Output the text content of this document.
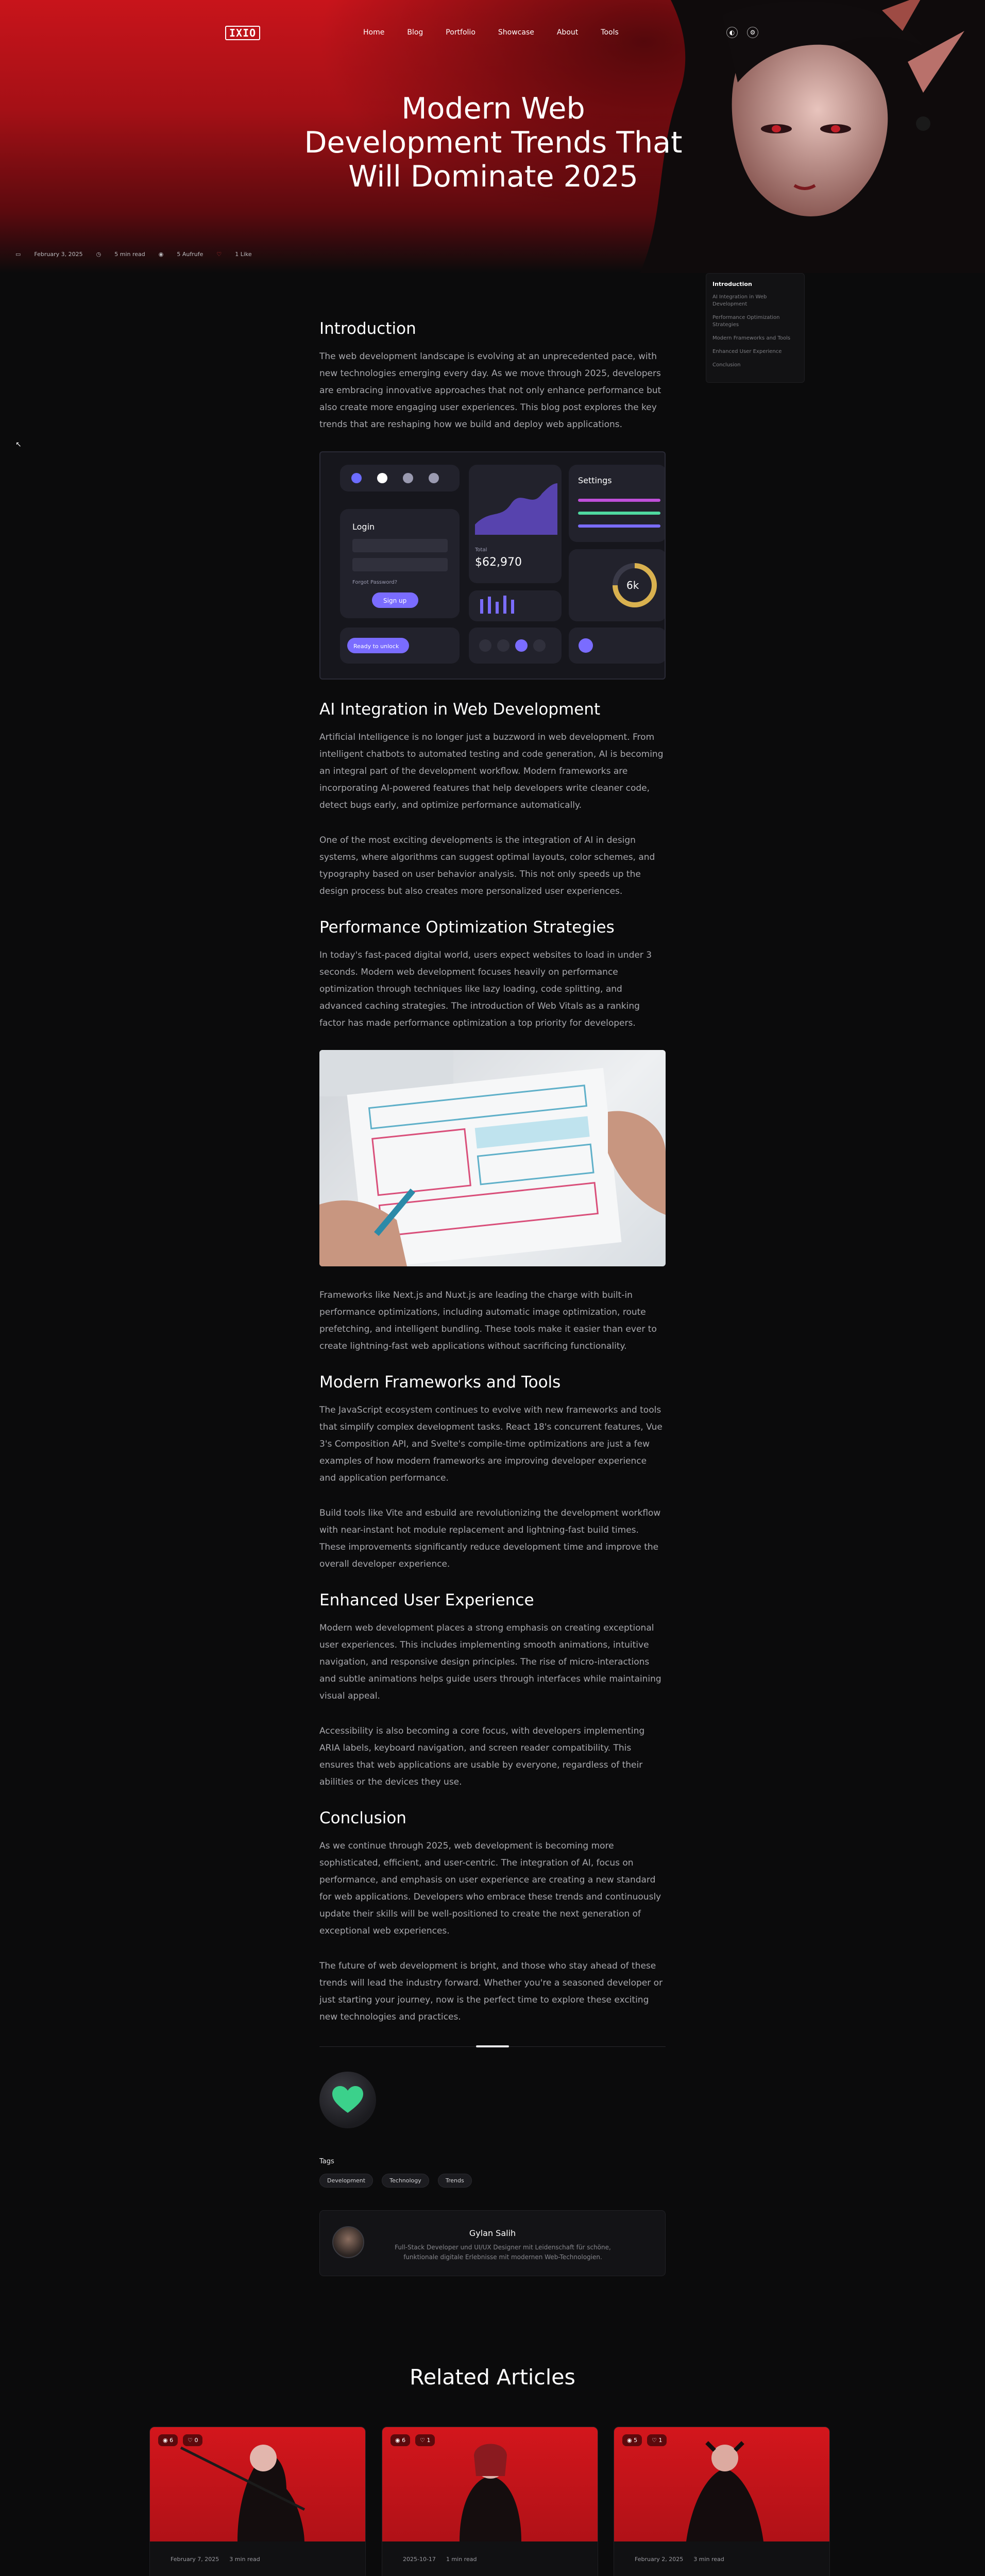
IXIO	Home	Blog	Portfolio	Showcase	About	Tools	◐	⚙
Modern Web Development Trends That Will Dominate 2025
▭ February 3, 2025 ◷ 5 min read ◉ 5 Aufrufe ♡ 1 Like
↖
Introduction
AI Integration in Web Development
Performance Optimization Strategies
Modern Frameworks and Tools
Enhanced User Experience
Conclusion
Introduction

The web development landscape is evolving at an unprecedented pace, with new technologies emerging every day. As we move through 2025, developers are embracing innovative approaches that not only enhance performance but also create more engaging user experiences. This blog post explores the key trends that are reshaping how we build and deploy web applications.

Login
Forgot Password?
Sign up
Total
$62,970
Settings
6k
Ready to unlock
AI Integration in Web Development

Artificial Intelligence is no longer just a buzzword in web development. From intelligent chatbots to automated testing and code generation, AI is becoming an integral part of the development workflow. Modern frameworks are incorporating AI-powered features that help developers write cleaner code, detect bugs early, and optimize performance automatically.

One of the most exciting developments is the integration of AI in design systems, where algorithms can suggest optimal layouts, color schemes, and typography based on user behavior analysis. This not only speeds up the design process but also creates more personalized user experiences.

Performance Optimization Strategies

In today's fast-paced digital world, users expect websites to load in under 3 seconds. Modern web development focuses heavily on performance optimization through techniques like lazy loading, code splitting, and advanced caching strategies. The introduction of Web Vitals as a ranking factor has made performance optimization a top priority for developers.

Frameworks like Next.js and Nuxt.js are leading the charge with built-in performance optimizations, including automatic image optimization, route prefetching, and intelligent bundling. These tools make it easier than ever to create lightning-fast web applications without sacrificing functionality.

Modern Frameworks and Tools

The JavaScript ecosystem continues to evolve with new frameworks and tools that simplify complex development tasks. React 18's concurrent features, Vue 3's Composition API, and Svelte's compile-time optimizations are just a few examples of how modern frameworks are improving developer experience and application performance.

Build tools like Vite and esbuild are revolutionizing the development workflow with near-instant hot module replacement and lightning-fast build times. These improvements significantly reduce development time and improve the overall developer experience.

Enhanced User Experience

Modern web development places a strong emphasis on creating exceptional user experiences. This includes implementing smooth animations, intuitive navigation, and responsive design principles. The rise of micro-interactions and subtle animations helps guide users through interfaces while maintaining visual appeal.

Accessibility is also becoming a core focus, with developers implementing ARIA labels, keyboard navigation, and screen reader compatibility. This ensures that web applications are usable by everyone, regardless of their abilities or the devices they use.

Conclusion

As we continue through 2025, web development is becoming more sophisticated, efficient, and user-centric. The integration of AI, focus on performance, and emphasis on user experience are creating a new standard for web applications. Developers who embrace these trends and continuously update their skills will be well-positioned to create the next generation of exceptional web experiences.

The future of web development is bright, and those who stay ahead of these trends will lead the industry forward. Whether you're a seasoned developer or just starting your journey, now is the perfect time to explore these exciting new technologies and practices.

Tags
Development	Technology	Trends
Gylan Salih
Full-Stack Developer und UI/UX Designer mit Leidenschaft für schöne, funktionale digitale Erlebnisse mit modernen Web-Technologien.
Related Articles
◉ 6	♡ 0
February 7, 2025 3 min read
◉ 6	♡ 1
2025-10-17 1 min read
◉ 5	♡ 1
February 2, 2025 3 min read
